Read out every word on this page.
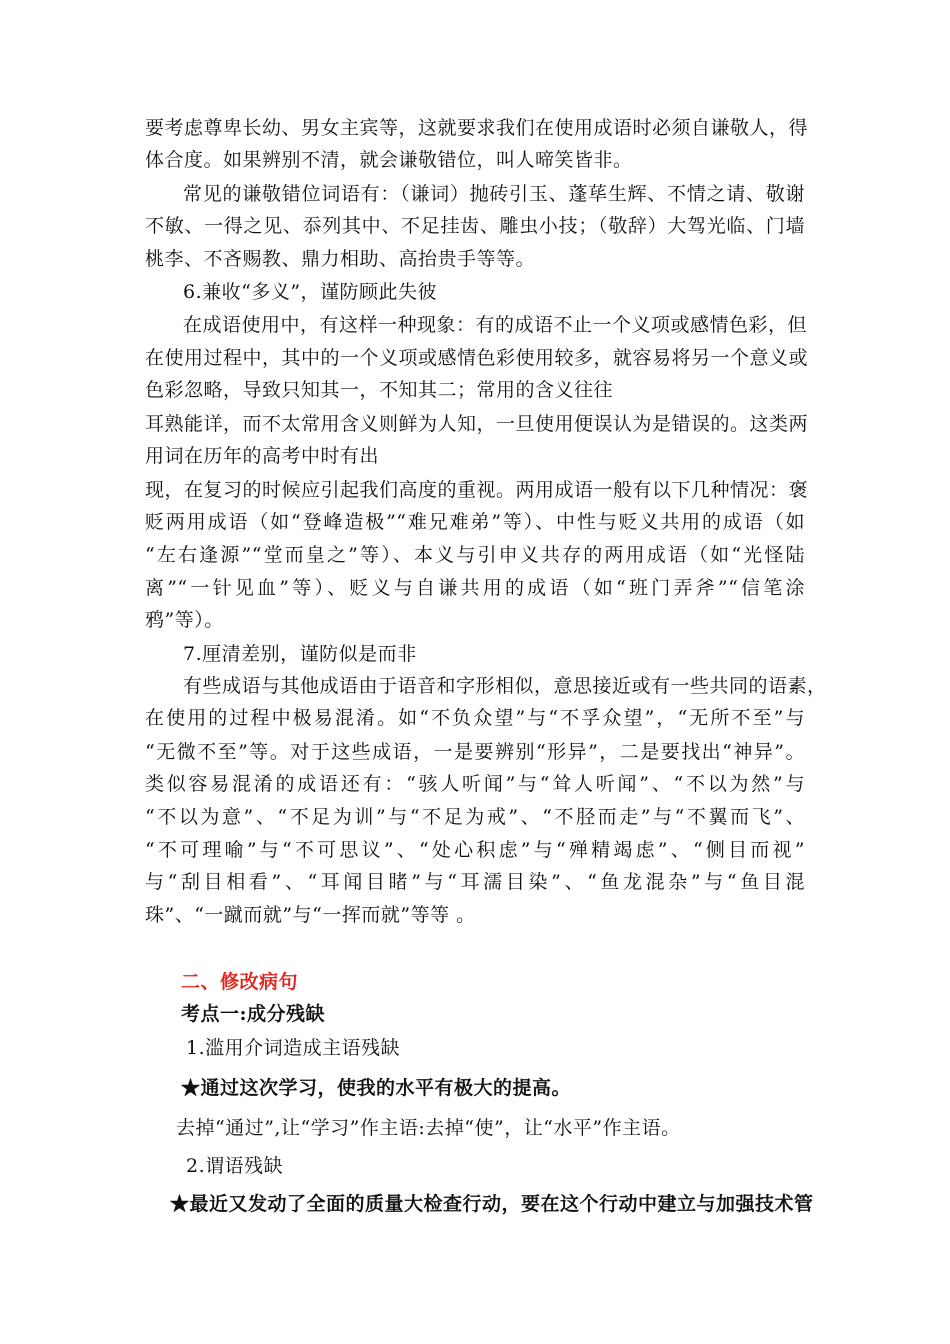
要考虑尊卑长幼、男女主宾等，这就要求我们在使用成语时必须自谦敬人，得
体合度。如果辨别不清，就会谦敬错位，叫人啼笑皆非。
常见的谦敬错位词语有：（谦词）抛砖引玉、蓬荜生辉、不情之请、敬谢
不敏、一得之见、忝列其中、不足挂齿、雕虫小技；（敬辞）大驾光临、门墙
桃李、不吝赐教、鼎力相助、高抬贵手等等。
6.兼收“多义”，谨防顾此失彼
在成语使用中，有这样一种现象：有的成语不止一个义项或感情色彩，但
在使用过程中，其中的一个义项或感情色彩使用较多，就容易将另一个意义或
色彩忽略，导致只知其一，不知其二；常用的含义往往
耳熟能详，而不太常用含义则鲜为人知，一旦使用便误认为是错误的。这类两
用词在历年的高考中时有出
现，在复习的时候应引起我们高度的重视。两用成语一般有以下几种情况：褒
贬两用成语（如“登峰造极”“难兄难弟”等）、中性与贬义共用的成语（如
“左右逢源”“堂而皇之”等）、本义与引申义共存的两用成语（如“光怪陆
离”“一针见血”等）、贬义与自谦共用的成语（如“班门弄斧”“信笔涂
鸦”等）。
7.厘清差别，谨防似是而非
有些成语与其他成语由于语音和字形相似，意思接近或有一些共同的语素，
在使用的过程中极易混淆。如“不负众望”与“不孚众望”，“无所不至”与
“无微不至”等。对于这些成语，一是要辨别“形异”，二是要找出“神异”。
类似容易混淆的成语还有：“骇人听闻”与“耸人听闻”、“不以为然”与
“不以为意”、“不足为训”与“不足为戒”、“不胫而走”与“不翼而飞”、
“不可理喻”与“不可思议”、“处心积虑”与“殚精竭虑”、“侧目而视”
与“刮目相看”、“耳闻目睹”与“耳濡目染”、“鱼龙混杂”与“鱼目混
珠”、“一蹴而就”与“一挥而就”等等 。
二、修改病句
考点一:成分残缺
1.滥用介词造成主语残缺
★通过这次学习，使我的水平有极大的提高。
去掉“通过”,让“学习”作主语:去掉“使”，让“水平”作主语。
2.谓语残缺
★最近又发动了全面的质量大检查行动，要在这个行动中建立与加强技术管
